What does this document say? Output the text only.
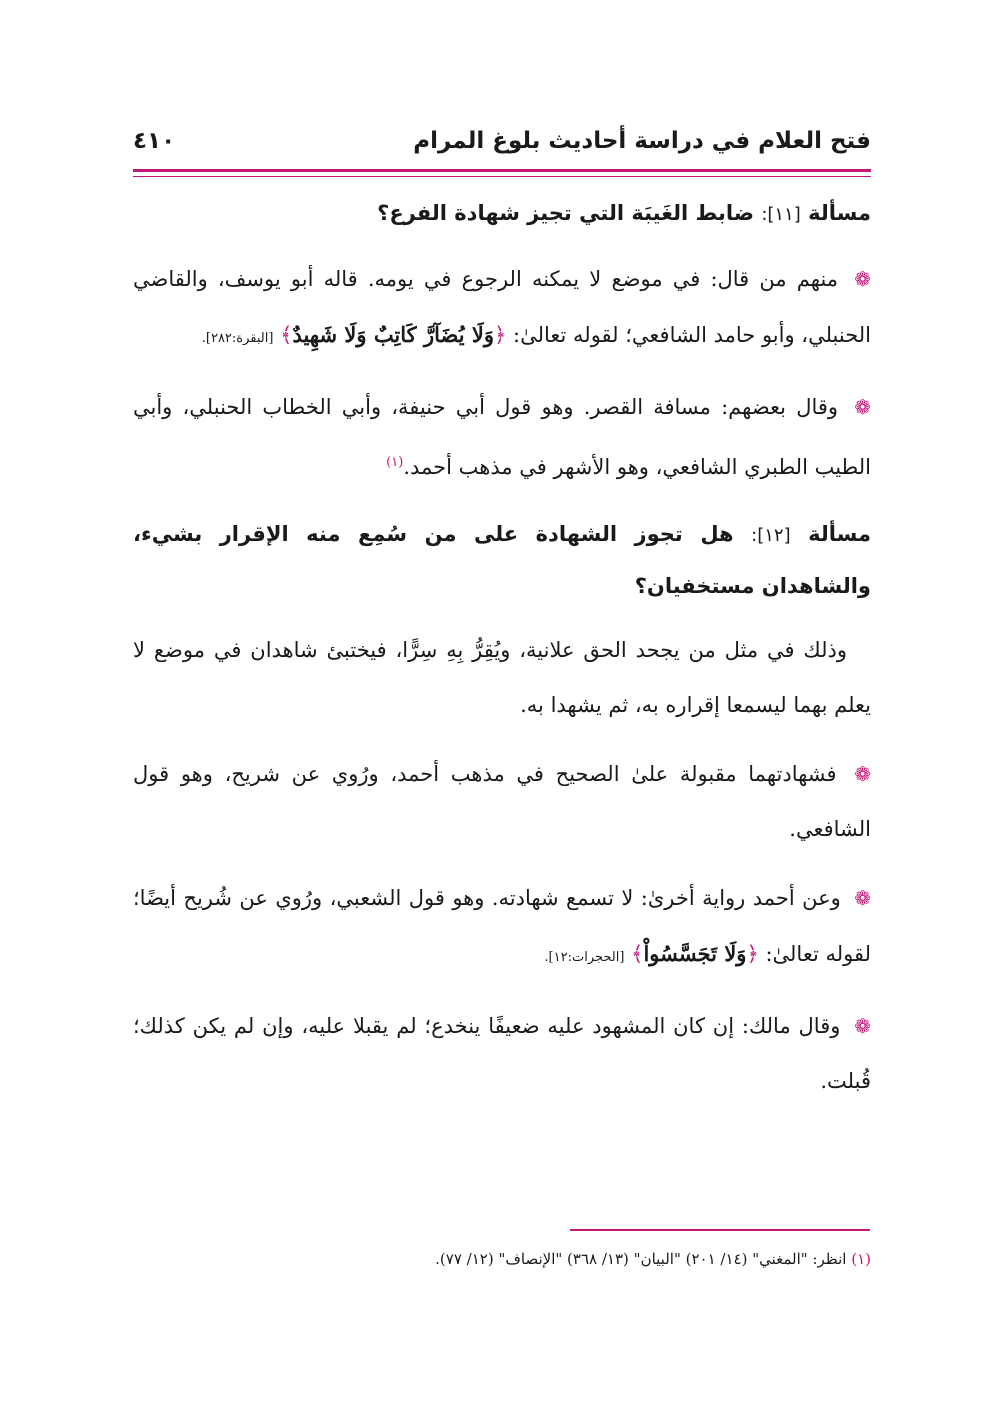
فتح العلام في دراسة أحاديث بلوغ المرام
٤١٠
مسألة [١١]: ضابط الغَيبَة التي تجيز شهادة الفرع؟

❁ منهم من قال: في موضع لا يمكنه الرجوع في يومه. قاله أبو يوسف، والقاضي الحنبلي، وأبو حامد الشافعي؛ لقوله تعالىٰ: ﴿وَلَا يُضَآرَّ كَاتِبٌ وَلَا شَهِيدٌ﴾ [البقرة:٢٨٢].

❁ وقال بعضهم: مسافة القصر. وهو قول أبي حنيفة، وأبي الخطاب الحنبلي، وأبي الطيب الطبري الشافعي، وهو الأشهر في مذهب أحمد.$^{(١)}$

مسألة [١٢]: هل تجوز الشهادة على من سُمِع منه الإقرار بشيء، والشاهدان مستخفيان؟

وذلك في مثل من يجحد الحق علانية، ويُقِرُّ بِهِ سِرًّا، فيختبئ شاهدان في موضع لا يعلم بهما ليسمعا إقراره به، ثم يشهدا به.

❁ فشهادتهما مقبولة علىٰ الصحيح في مذهب أحمد، ورُوي عن شريح، وهو قول الشافعي.

❁ وعن أحمد رواية أخرىٰ: لا تسمع شهادته. وهو قول الشعبي، ورُوي عن شُريح أيضًا؛ لقوله تعالىٰ: ﴿وَلَا تَجَسَّسُواْ﴾ [الحجرات:١٢].

❁ وقال مالك: إن كان المشهود عليه ضعيفًا ينخدع؛ لم يقبلا عليه، وإن لم يكن كذلك؛ قُبلت.

(١) انظر: "المغني" (١٤/ ٢٠١) "البيان" (١٣/ ٣٦٨) "الإنصاف" (١٢/ ٧٧).
